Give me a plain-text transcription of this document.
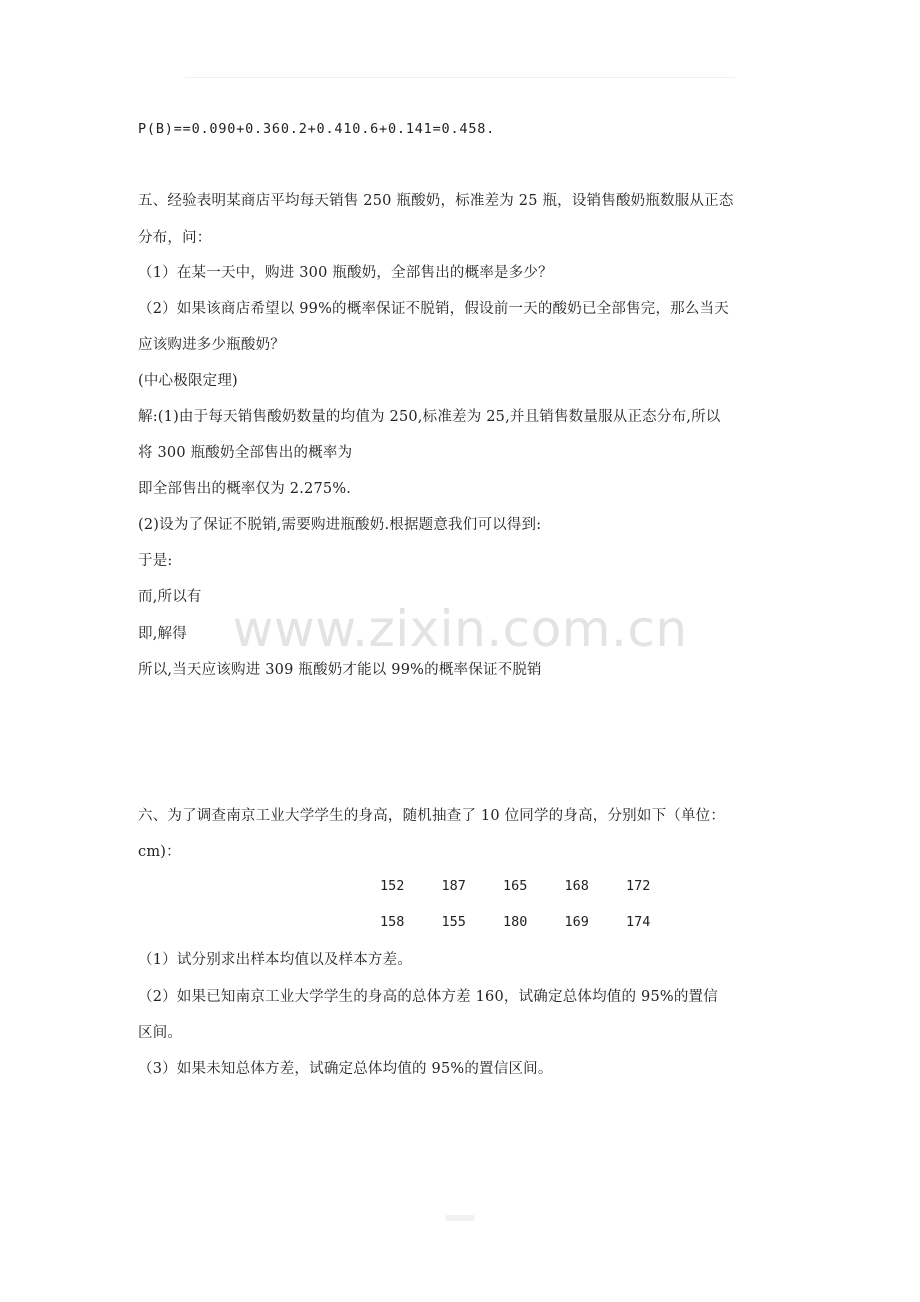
P(B)==0.090+0.360.2+0.410.6+0.141=0.458.
五、经验表明某商店平均每天销售 250 瓶酸奶，标准差为 25 瓶，设销售酸奶瓶数服从正态
分布，问：
（1）在某一天中，购进 300 瓶酸奶，全部售出的概率是多少？
（2）如果该商店希望以 99%的概率保证不脱销，假设前一天的酸奶已全部售完，那么当天
应该购进多少瓶酸奶？
(中心极限定理)
解:(1)由于每天销售酸奶数量的均值为 250,标准差为 25,并且销售数量服从正态分布,所以
将 300 瓶酸奶全部售出的概率为
即全部售出的概率仅为 2.275%.
(2)设为了保证不脱销,需要购进瓶酸奶.根据题意我们可以得到:
于是:
而,所以有
即,解得
所以,当天应该购进 309 瓶酸奶才能以 99%的概率保证不脱销
六、为了调查南京工业大学学生的身高，随机抽查了 10 位同学的身高，分别如下（单位：
cm)：
152	187	165	168	172
158	155	180	169	174
（1）试分别求出样本均值以及样本方差。
（2）如果已知南京工业大学学生的身高的总体方差 160，试确定总体均值的 95%的置信
区间。
（3）如果未知总体方差，试确定总体均值的 95%的置信区间。
www.zixin.com.cn
